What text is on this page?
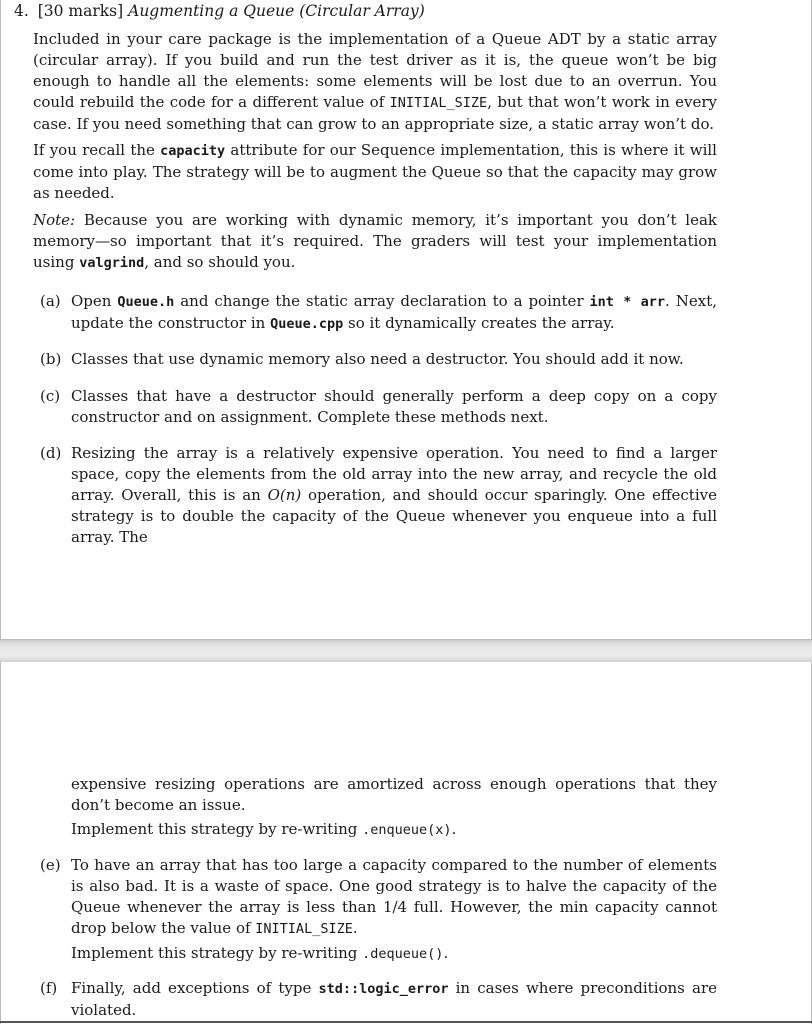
4. [30 marks] Augmenting a Queue (Circular Array)
Included in your care package is the implementation of a Queue ADT by a static array (circular array). If you build and run the test driver as it is, the queue won’t be big enough to handle all the elements: some elements will be lost due to an overrun. You could rebuild the code for a different value of INITIAL_SIZE, but that won’t work in every case. If you need something that can grow to an appropriate size, a static array won’t do.
If you recall the capacity attribute for our Sequence implementation, this is where it will come into play. The strategy will be to augment the Queue so that the capacity may grow as needed.
Note: Because you are working with dynamic memory, it’s important you don’t leak memory—so important that it’s required. The graders will test your implementation using valgrind, and so should you.
(a) Open Queue.h and change the static array declaration to a pointer int * arr. Next, update the constructor in Queue.cpp so it dynamically creates the array.
(b) Classes that use dynamic memory also need a destructor. You should add it now.
(c) Classes that have a destructor should generally perform a deep copy on a copy constructor and on assignment. Complete these methods next.
(d) Resizing the array is a relatively expensive operation. You need to find a larger space, copy the elements from the old array into the new array, and recycle the old array. Overall, this is an O(n) operation, and should occur sparingly. One effective strategy is to double the capacity of the Queue whenever you enqueue into a full array. The
expensive resizing operations are amortized across enough operations that they don’t become an issue.
Implement this strategy by re-writing .enqueue(x).
(e) To have an array that has too large a capacity compared to the number of elements is also bad. It is a waste of space. One good strategy is to halve the capacity of the Queue whenever the array is less than 1/4 full. However, the min capacity cannot drop below the value of INITIAL_SIZE.
Implement this strategy by re-writing .dequeue().
(f) Finally, add exceptions of type std::logic_error in cases where preconditions are violated.
